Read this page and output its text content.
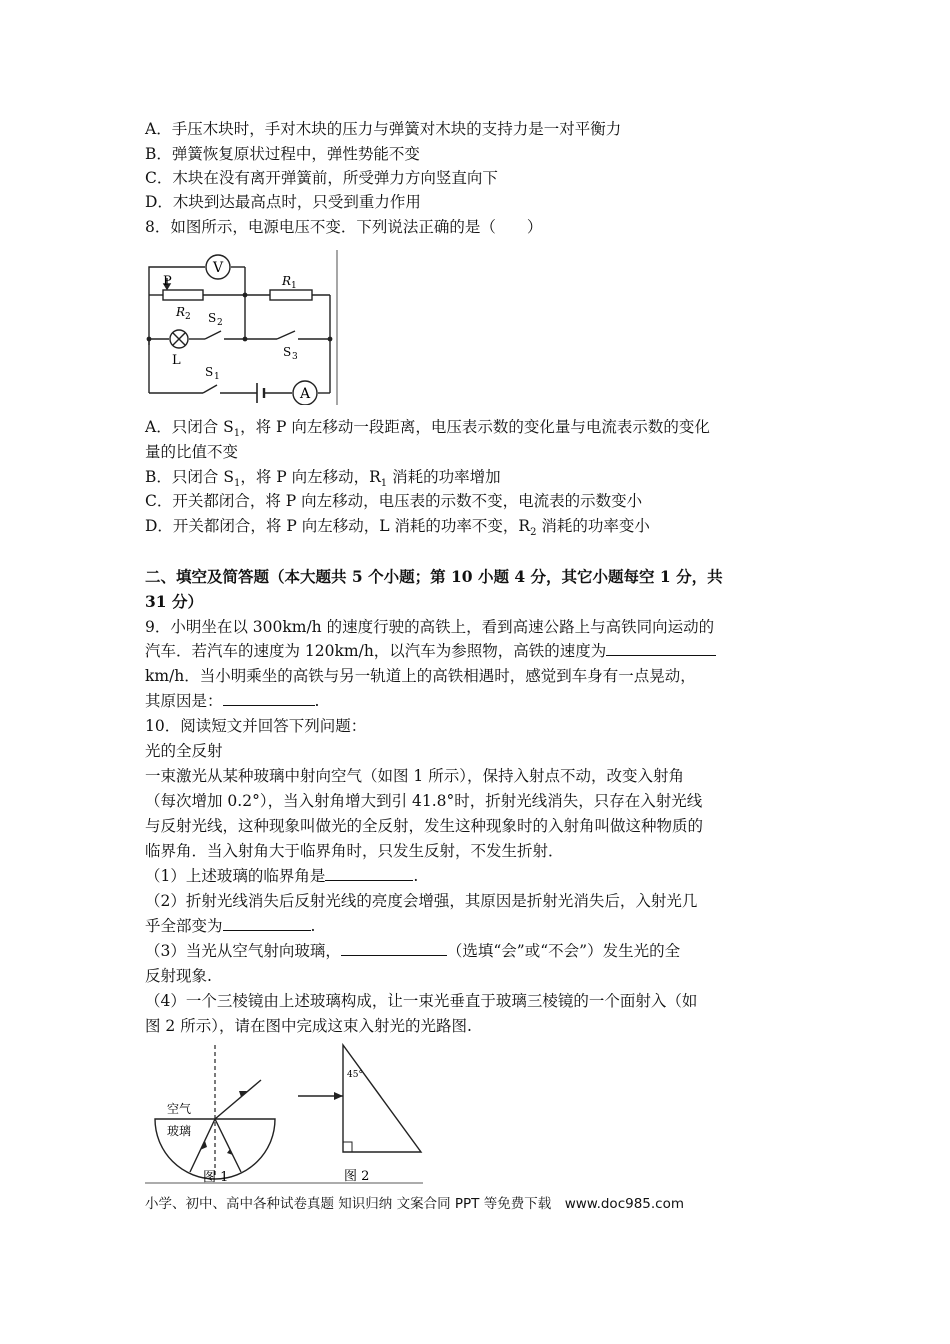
A．手压木块时，手对木块的压力与弹簧对木块的支持力是一对平衡力
B．弹簧恢复原状过程中，弹性势能不变
C．木块在没有离开弹簧前，所受弹力方向竖直向下
D．木块到达最高点时，只受到重力作用
8．如图所示，电源电压不变．下列说法正确的是（　　）
V
A
P
R 2
R 1
S 2
S 3
L
S 1
A．只闭合 $S_1$，将 P 向左移动一段距离，电压表示数的变化量与电流表示数的变化
量的比值不变
B．只闭合 $S_1$，将 P 向左移动，$R_1$ 消耗的功率增加
C．开关都闭合，将 P 向左移动，电压表的示数不变，电流表的示数变小
D．开关都闭合，将 P 向左移动，L 消耗的功率不变，$R_2$ 消耗的功率变小
二、填空及简答题（本大题共 5 个小题；第 10 小题 4 分，其它小题每空 1 分，共
31 分）
9．小明坐在以 300km/h 的速度行驶的高铁上，看到高速公路上与高铁同向运动的
汽车．若汽车的速度为 120km/h，以汽车为参照物，高铁的速度为
km/h．当小明乘坐的高铁与另一轨道上的高铁相遇时，感觉到车身有一点晃动，
其原因是：	.
10．阅读短文并回答下列问题：
光的全反射
一束激光从某种玻璃中射向空气（如图 1 所示），保持入射点不动，改变入射角
（每次增加 0.2°），当入射角增大到引 41.8°时，折射光线消失，只存在入射光线
与反射光线，这种现象叫做光的全反射，发生这种现象时的入射角叫做这种物质的
临界角．当入射角大于临界角时，只发生反射，不发生折射．
（1）上述玻璃的临界角是	.
（2）折射光线消失后反射光线的亮度会增强，其原因是折射光消失后，入射光几
乎全部变为	.
（3）当光从空气射向玻璃，	（选填“会”或“不会”）发生光的全
反射现象.
（4）一个三棱镜由上述玻璃构成，让一束光垂直于玻璃三棱镜的一个面射入（如
图 2 所示），请在图中完成这束入射光的光路图.
空气
玻璃
图 1
45°
图 2
小学、初中、高中各种试卷真题 知识归纳 文案合同 PPT 等免费下载　www.doc985.com
